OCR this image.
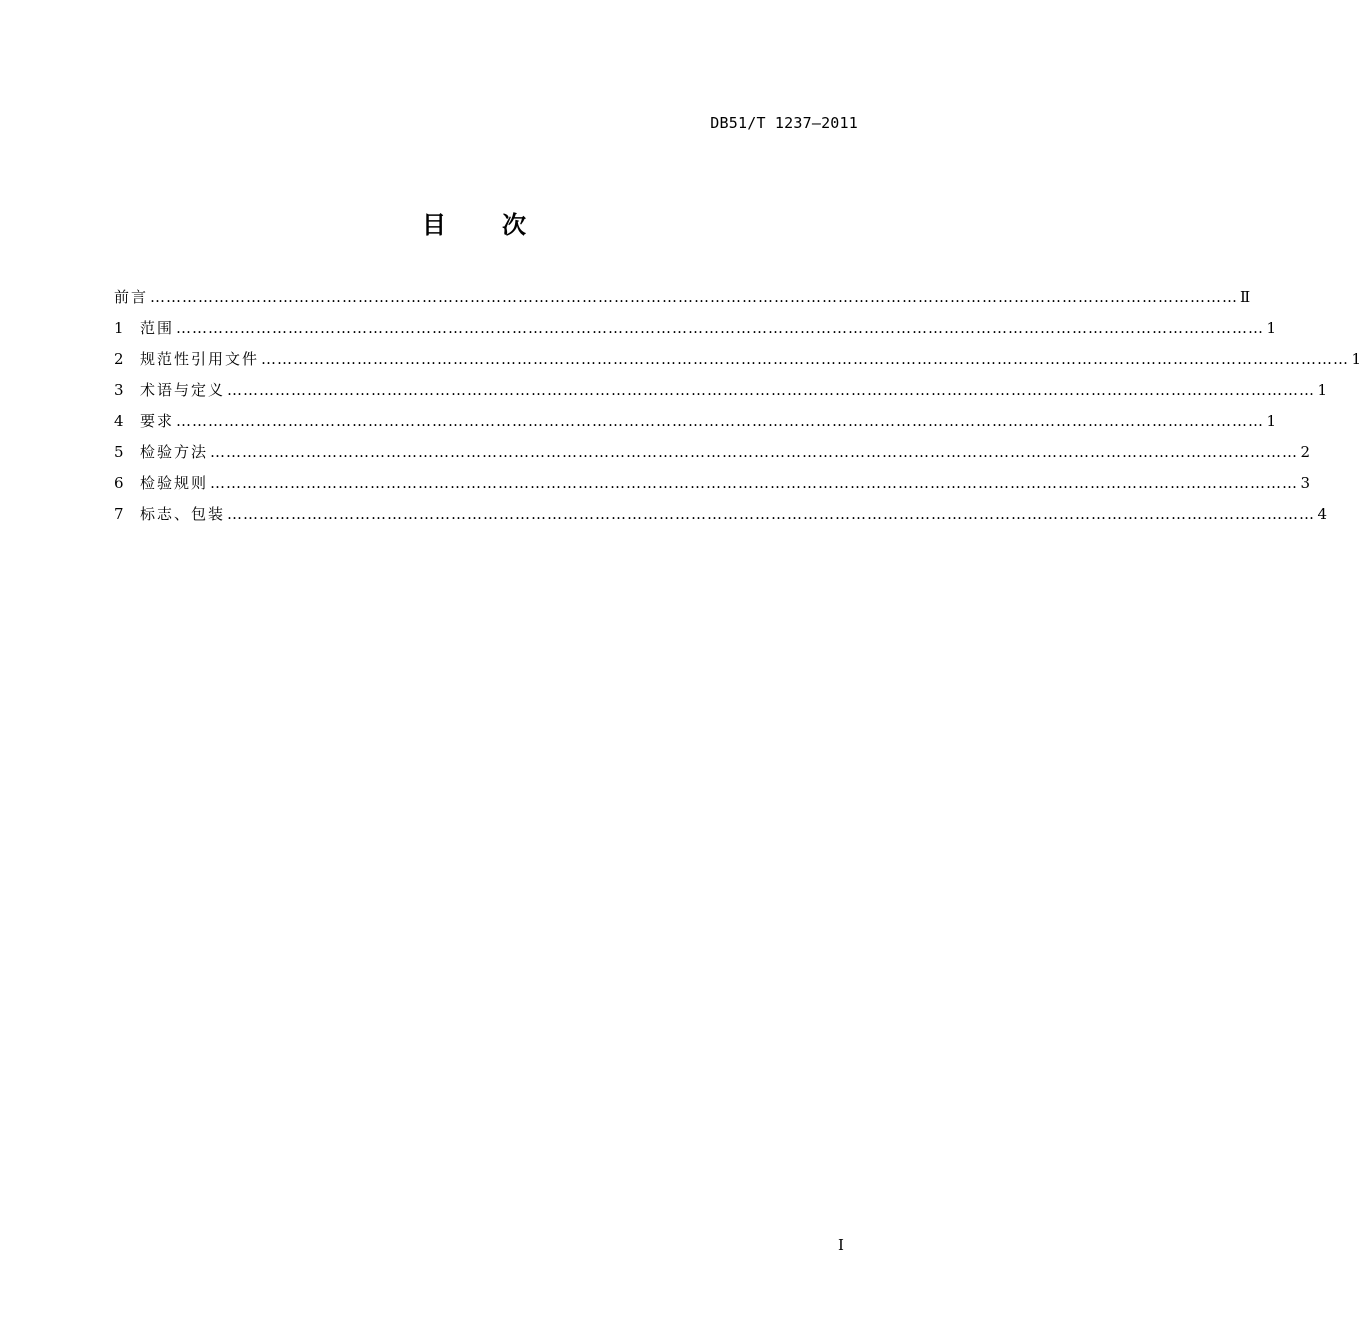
DB51/T 1237—2011
目 次
前言 …………………………………………………………………………………………………………………………………………………………………………………… Ⅱ
1	范围 …………………………………………………………………………………………………………………………………………………………………………………… 1
2	规范性引用文件 …………………………………………………………………………………………………………………………………………………………………………………… 1
3	术语与定义 …………………………………………………………………………………………………………………………………………………………………………………… 1
4	要求 …………………………………………………………………………………………………………………………………………………………………………………… 1
5	检验方法 …………………………………………………………………………………………………………………………………………………………………………………… 2
6	检验规则 …………………………………………………………………………………………………………………………………………………………………………………… 3
7	标志、包装 …………………………………………………………………………………………………………………………………………………………………………………… 4
I
